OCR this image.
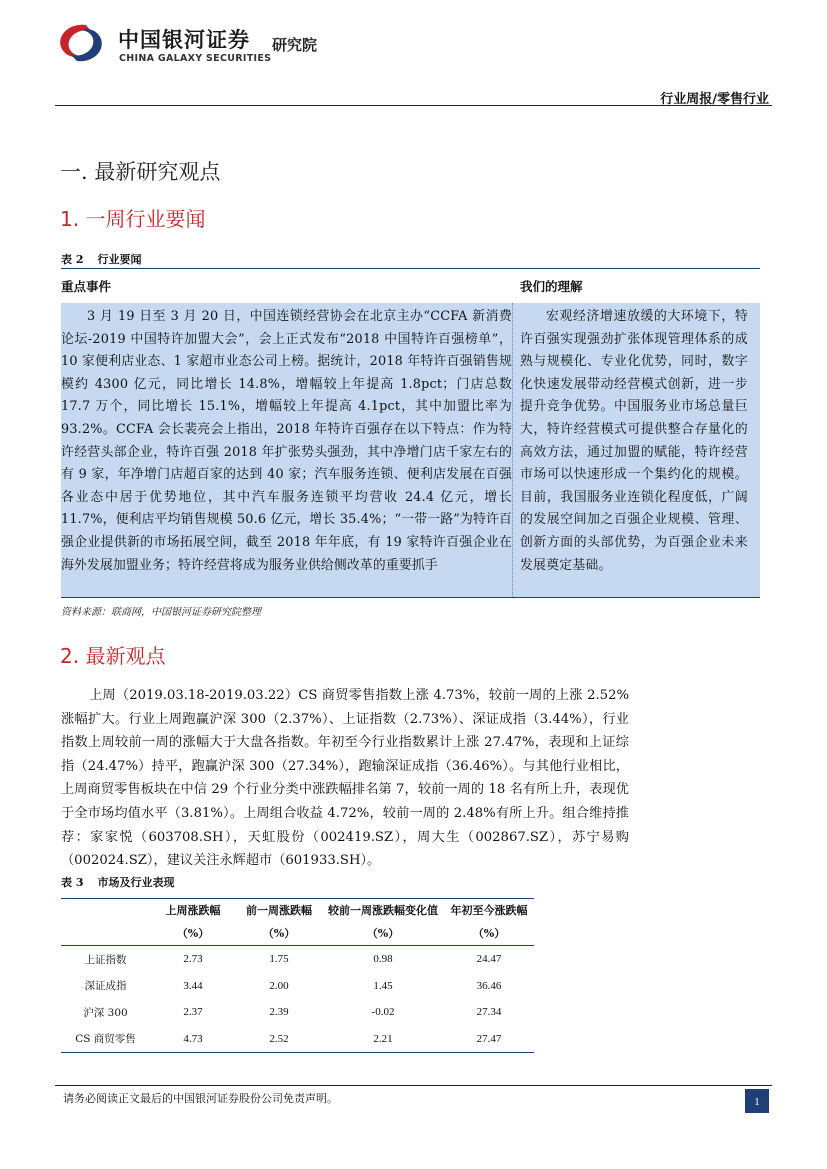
中国银河证券 研究院
CHINA GALAXY SECURITIES
行业周报/零售行业
一. 最新研究观点
1. 一周行业要闻
表 2 行业要闻
重点事件	我们的理解
3 月 19 日至 3 月 20 日，中国连锁经营协会在北京主办“CCFA 新消费论坛-2019 中国特许加盟大会”，会上正式发布“2018 中国特许百强榜单”，10 家便利店业态、1 家超市业态公司上榜。据统计，2018 年特许百强销售规模约 4300 亿元，同比增长 14.8%，增幅较上年提高 1.8pct；门店总数 17.7 万个，同比增长 15.1%，增幅较上年提高 4.1pct，其中加盟比率为 93.2%。CCFA 会长裴亮会上指出，2018 年特许百强存在以下特点：作为特许经营头部企业，特许百强 2018 年扩张势头强劲，其中净增门店千家左右的有 9 家，年净增门店超百家的达到 40 家；汽车服务连锁、便利店发展在百强各业态中居于优势地位，其中汽车服务连锁平均营收 24.4 亿元，增长 11.7%，便利店平均销售规模 50.6 亿元，增长 35.4%；“一带一路”为特许百强企业提供新的市场拓展空间，截至 2018 年年底，有 19 家特许百强企业在海外发展加盟业务；特许经营将成为服务业供给侧改革的重要抓手
宏观经济增速放缓的大环境下，特许百强实现强劲扩张体现管理体系的成熟与规模化、专业化优势，同时，数字化快速发展带动经营模式创新，进一步提升竞争优势。中国服务业市场总量巨大，特许经营模式可提供整合存量化的高效方法，通过加盟的赋能，特许经营市场可以快速形成一个集约化的规模。目前，我国服务业连锁化程度低，广阔的发展空间加之百强企业规模、管理、创新方面的头部优势，为百强企业未来发展奠定基础。
资料来源：联商网，中国银河证券研究院整理
2. 最新观点
上周（2019.03.18-2019.03.22）CS 商贸零售指数上涨 4.73%，较前一周的上涨 2.52%涨幅扩大。行业上周跑赢沪深 300（2.37%）、上证指数（2.73%）、深证成指（3.44%），行业指数上周较前一周的涨幅大于大盘各指数。年初至今行业指数累计上涨 27.47%，表现和上证综指（24.47%）持平，跑赢沪深 300（27.34%），跑输深证成指（36.46%）。与其他行业相比，上周商贸零售板块在中信 29 个行业分类中涨跌幅排名第 7，较前一周的 18 名有所上升，表现优于全市场均值水平（3.81%）。上周组合收益 4.72%，较前一周的 2.48%有所上升。组合维持推荐：家家悦（603708.SH），天虹股份（002419.SZ），周大生（002867.SZ），苏宁易购（002024.SZ），建议关注永辉超市（601933.SH）。
表 3 市场及行业表现
	上周涨跌幅	前一周涨跌幅	较前一周涨跌幅变化值	年初至今涨跌幅
	（%）	（%）	（%）	（%）
上证指数	2.73	1.75	0.98	24.47
深证成指	3.44	2.00	1.45	36.46
沪深 300	2.37	2.39	-0.02	27.34
CS 商贸零售	4.73	2.52	2.21	27.47
请务必阅读正文最后的中国银河证券股份公司免责声明。	1
